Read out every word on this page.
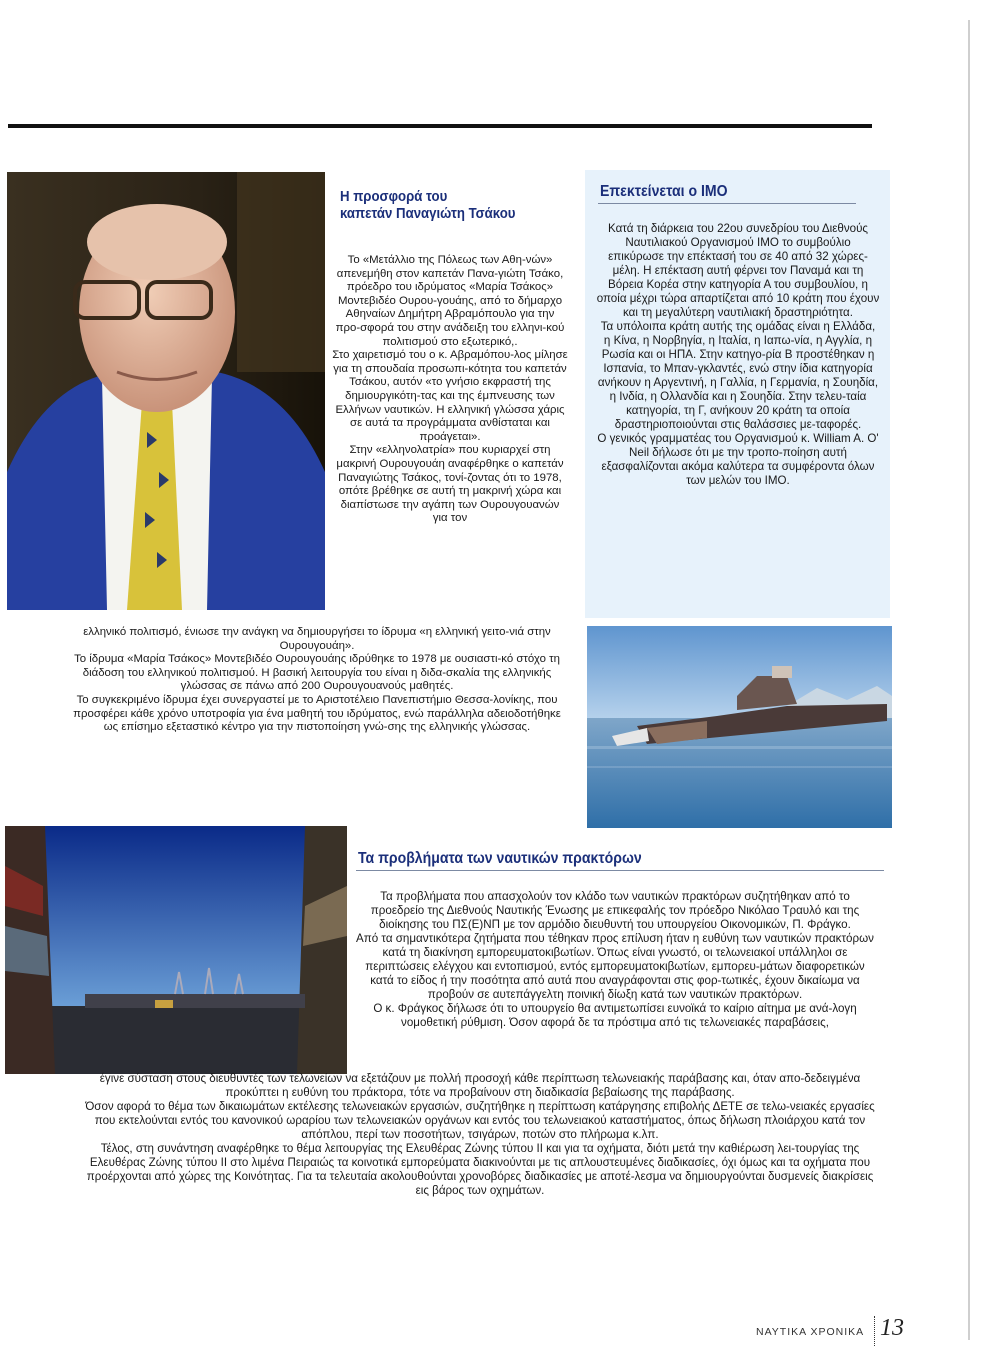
Η προσφορά του
καπετάν Παναγιώτη Τσάκου

Το «Μετάλλιο της Πόλεως των Αθη-νών» απενεμήθη στον καπετάν Πανα-γιώτη Τσάκο, πρόεδρο του ιδρύματος «Μαρία Τσάκος» Μοντεβιδέο Ουρου-γουάης, από το δήμαρχο Αθηναίων Δημήτρη Αβραμόπουλο για την προ-σφορά του στην ανάδειξη του ελληνι-κού πολιτισμού στο εξωτερικό,.

Στο χαιρετισμό του ο κ. Αβραμόπου-λος μίλησε για τη σπουδαία προσωπι-κότητα του καπετάν Τσάκου, αυτόν «το γνήσιο εκφραστή της δημιουργικότη-τας και της έμπνευσης των Ελλήνων ναυτικών. Η ελληνική γλώσσα χάρις σε αυτά τα προγράμματα ανθίσταται και προάγεται».

Στην «ελληνολατρία» που κυριαρχεί στη μακρινή Ουρουγουάη αναφέρθηκε ο καπετάν Παναγιώτης Τσάκος, τονί-ζοντας ότι το 1978, οπότε βρέθηκε σε αυτή τη μακρινή χώρα και διαπίστωσε την αγάπη των Ουρουγουανών για τον

ελληνικό πολιτισμό, ένιωσε την ανάγκη να δημιουργήσει το ίδρυμα «η ελληνική γειτο-νιά στην Ουρουγουάη».

Το ίδρυμα «Μαρία Τσάκος» Μοντεβιδέο Ουρουγουάης ιδρύθηκε το 1978 με ουσιαστι-κό στόχο τη διάδοση του ελληνικού πολιτισμού. Η βασική λειτουργία του είναι η διδα-σκαλία της ελληνικής γλώσσας σε πάνω από 200 Ουρουγουανούς μαθητές.

Το συγκεκριμένο ίδρυμα έχει συνεργαστεί με το Αριστοτέλειο Πανεπιστήμιο Θεσσα-λονίκης, που προσφέρει κάθε χρόνο υποτροφία για ένα μαθητή του ιδρύματος, ενώ παράλληλα αδειοδοτήθηκε ως επίσημο εξεταστικό κέντρο για την πιστοποίηση γνώ-σης της ελληνικής γλώσσας.

Επεκτείνεται ο ΙΜΟ

Κατά τη διάρκεια του 22ου συνεδρίου του Διεθνούς Ναυτιλιακού Οργανισμού ΙΜΟ το συμβούλιο επικύρωσε την επέκτασή του σε 40 από 32 χώρες-μέλη. Η επέκταση αυτή φέρνει τον Παναμά και τη Βόρεια Κορέα στην κατηγορία Α του συμβουλίου, η οποία μέχρι τώρα απαρτίζεται από 10 κράτη που έχουν και τη μεγαλύτερη ναυτιλιακή δραστηριότητα.

Τα υπόλοιπα κράτη αυτής της ομάδας είναι η Ελλάδα, η Κίνα, η Νορβηγία, η Ιταλία, η Ιαπω-νία, η Αγγλία, η Ρωσία και οι ΗΠΑ. Στην κατηγο-ρία Β προστέθηκαν η Ισπανία, το Μπαν-γκλαντές, ενώ στην ίδια κατηγορία ανήκουν η Αργεντινή, η Γαλλία, η Γερμανία, η Σουηδία, η Ινδία, η Ολλανδία και η Σουηδία. Στην τελευ-ταία κατηγορία, τη Γ, ανήκουν 20 κράτη τα οποία δραστηριοποιούνται στις θαλάσσιες με-ταφορές.

Ο γενικός γραμματέας του Οργανισμού κ. William A. O' Neil δήλωσε ότι με την τροπο-ποίηση αυτή εξασφαλίζονται ακόμα καλύτερα τα συμφέροντα όλων των μελών του ΙΜΟ.

Τα προβλήματα των ναυτικών πρακτόρων

Τα προβλήματα που απασχολούν τον κλάδο των ναυτικών πρακτόρων συζητήθηκαν από το προεδρείο της Διεθνούς Ναυτικής Ένωσης με επικεφαλής τον πρόεδρο Νικόλαο Τραυλό και της διοίκησης του ΠΣ(Ε)ΝΠ με τον αρμόδιο διευθυντή του υπουργείου Οικονομικών, Π. Φράγκο.

Από τα σημαντικότερα ζητήματα που τέθηκαν προς επίλυση ήταν η ευθύνη των ναυτικών πρακτόρων κατά τη διακίνηση εμπορευματοκιβωτίων. Όπως είναι γνωστό, οι τελωνειακοί υπάλληλοι σε περιπτώσεις ελέγχου και εντοπισμού, εντός εμπορευματοκιβωτίων, εμπορευ-μάτων διαφορετικών κατά το είδος ή την ποσότητα από αυτά που αναγράφονται στις φορ-τωτικές, έχουν δικαίωμα να προβούν σε αυτεπάγγελτη ποινική δίωξη κατά των ναυτικών πρακτόρων.

Ο κ. Φράγκος δήλωσε ότι το υπουργείο θα αντιμετωπίσει ευνοϊκά το καίριο αίτημα με ανά-λογη νομοθετική ρύθμιση. Όσον αφορά δε τα πρόστιμα από τις τελωνειακές παραβάσεις,

έγινε σύσταση στους διευθυντές των τελωνείων να εξετάζουν με πολλή προσοχή κάθε περίπτωση τελωνειακής παράβασης και, όταν απο-δεδειγμένα προκύπτει η ευθύνη του πράκτορα, τότε να προβαίνουν στη διαδικασία βεβαίωσης της παράβασης.

Όσον αφορά το θέμα των δικαιωμάτων εκτέλεσης τελωνειακών εργασιών, συζητήθηκε η περίπτωση κατάργησης επιβολής ΔΕΤΕ σε τελω-νειακές εργασίες που εκτελούνται εντός του κανονικού ωραρίου των τελωνειακών οργάνων και εντός του τελωνειακού καταστήματος, όπως δήλωση πλοιάρχου κατά τον απόπλου, περί των ποσοτήτων, τσιγάρων, ποτών στο πλήρωμα κ.λπ.

Τέλος, στη συνάντηση αναφέρθηκε το θέμα λειτουργίας της Ελευθέρας Ζώνης τύπου ΙΙ και για τα οχήματα, διότι μετά την καθιέρωση λει-τουργίας της Ελευθέρας Ζώνης τύπου ΙΙ στο λιμένα Πειραιώς τα κοινοτικά εμπορεύματα διακινούνται με τις απλουστευμένες διαδικασίες, όχι όμως και τα οχήματα που προέρχονται από χώρες της Κοινότητας. Για τα τελευταία ακολουθούνται χρονοβόρες διαδικασίες με αποτέ-λεσμα να δημιουργούνται δυσμενείς διακρίσεις εις βάρος των οχημάτων.

ΝΑΥΤΙΚΑ ΧΡΟΝΙΚΑ 13
